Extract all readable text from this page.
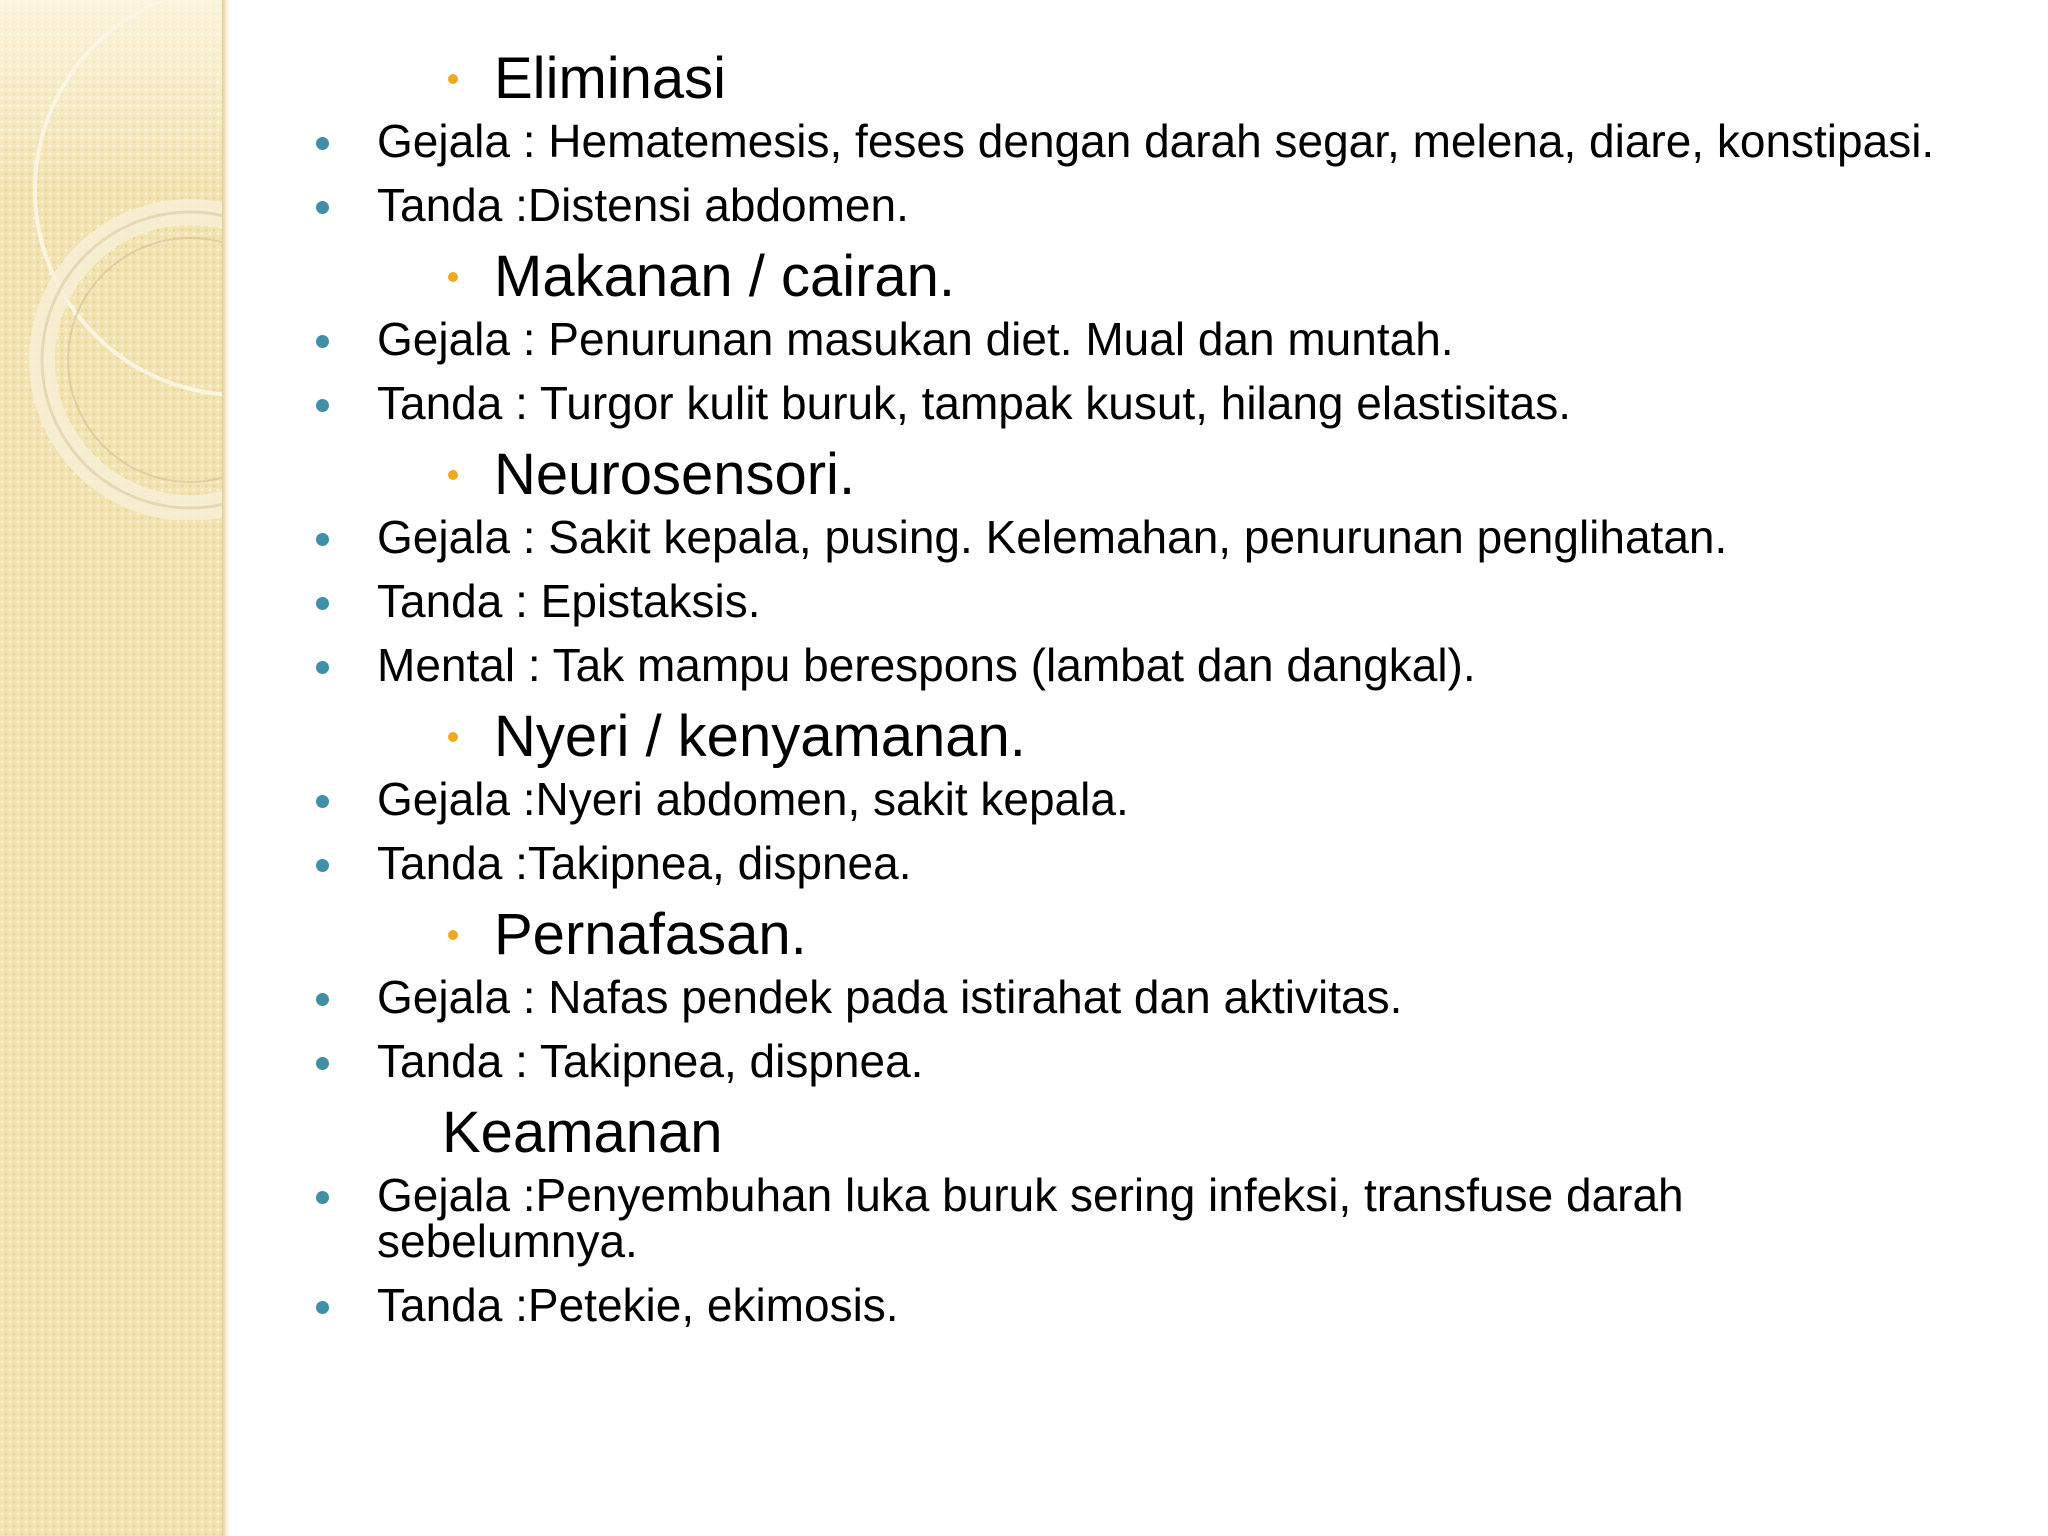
Eliminasi
Gejala : Hematemesis, feses dengan darah segar, melena, diare, konstipasi.
Tanda :Distensi abdomen.
Makanan / cairan.
Gejala : Penurunan masukan diet. Mual dan muntah.
Tanda : Turgor kulit buruk, tampak kusut, hilang elastisitas.
Neurosensori.
Gejala : Sakit kepala, pusing. Kelemahan, penurunan penglihatan.
Tanda : Epistaksis.
Mental : Tak mampu berespons (lambat dan dangkal).
Nyeri / kenyamanan.
Gejala :Nyeri abdomen, sakit kepala.
Tanda :Takipnea, dispnea.
Pernafasan.
Gejala : Nafas pendek pada istirahat dan aktivitas.
Tanda : Takipnea, dispnea.
Keamanan
Gejala :Penyembuhan luka buruk sering infeksi, transfuse darah sebelumnya.
Tanda :Petekie, ekimosis.
